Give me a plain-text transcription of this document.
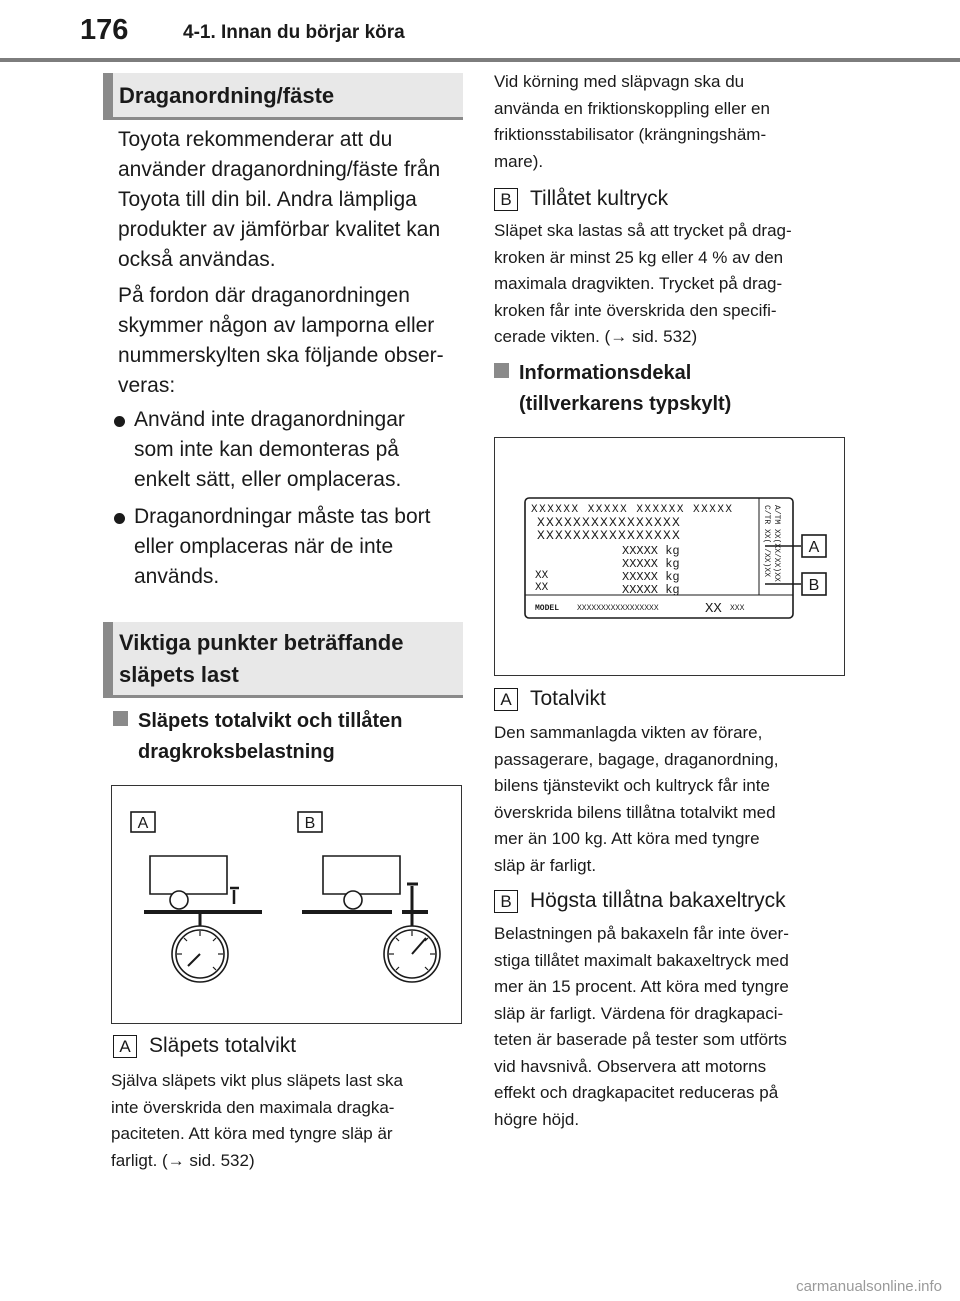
176	4-1. Innan du börjar köra
Draganordning/fäste
Toyota rekommenderar att du
använder draganordning/fäste från
Toyota till din bil. Andra lämpliga
produkter av jämförbar kvalitet kan
också användas.
På fordon där draganordningen
skymmer någon av lamporna eller
nummerskylten ska följande obser-
veras:
Använd inte draganordningar
som inte kan demonteras på
enkelt sätt, eller omplaceras.
Draganordningar måste tas bort
eller omplaceras när de inte
används.
Viktiga punkter beträffande
släpets last
Släpets totalvikt och tillåten
dragkroksbelastning
A	B
A Släpets totalvikt
Själva släpets vikt plus släpets last ska
inte överskrida den maximala dragka-
paciteten. Att köra med tyngre släp är
farligt. (→ sid. 532)
Vid körning med släpvagn ska du
använda en friktionskoppling eller en
friktionsstabilisator (krängningshäm-
mare).
B Tillåtet kultryck
Släpet ska lastas så att trycket på drag-
kroken är minst 25 kg eller 4 % av den
maximala dragvikten. Trycket på drag-
kroken får inte överskrida den specifi-
cerade vikten. (→ sid. 532)
Informationsdekal
(tillverkarens typskylt)
XXXXXX XXXXX XXXXXX XXXXX
XXXXXXXXXXXXXXXX
XXXXXXXXXXXXXXXX
XXXXX kg
XXXXX kg
XXXXX kg
XXXXX kg
XX
XX
MODEL XXXXXXXXXXXXXXXXX	XX XXX
C/TR XX( /XX)XX A/TM XX(XX/XX)XX A
B
A Totalvikt
Den sammanlagda vikten av förare,
passagerare, bagage, draganordning,
bilens tjänstevikt och kultryck får inte
överskrida bilens tillåtna totalvikt med
mer än 100 kg. Att köra med tyngre
släp är farligt.
B Högsta tillåtna bakaxeltryck
Belastningen på bakaxeln får inte över-
stiga tillåtet maximalt bakaxeltryck med
mer än 15 procent. Att köra med tyngre
släp är farligt. Värdena för dragkapaci-
teten är baserade på tester som utförts
vid havsnivå. Observera att motorns
effekt och dragkapacitet reduceras på
högre höjd.
carmanualsonline.info
